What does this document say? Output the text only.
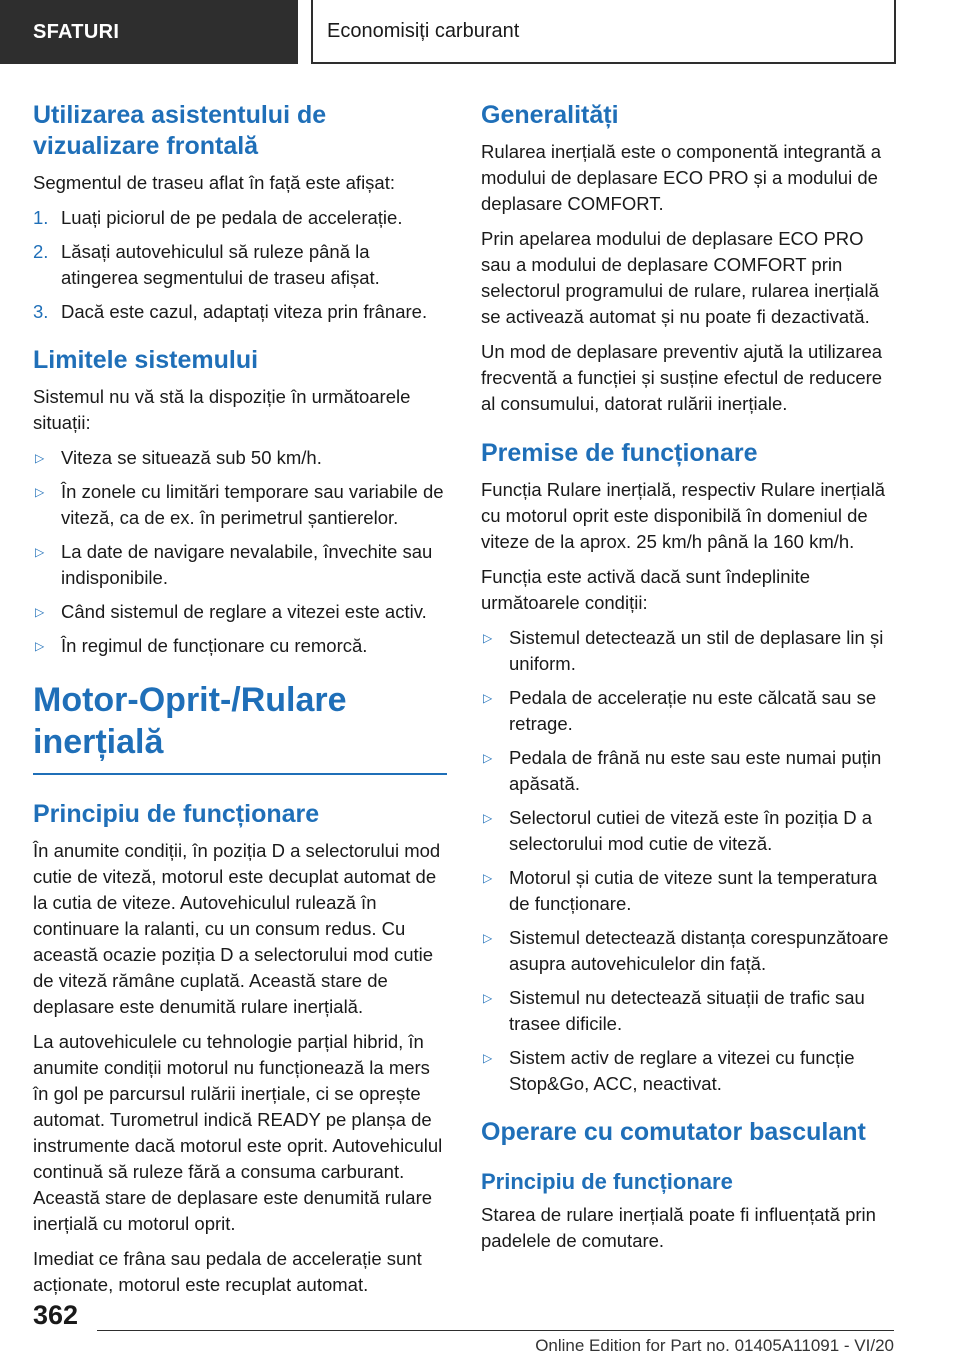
SFATURI	Economisiți carburant
Utilizarea asistentului de vizualizare frontală

Segmentul de traseu aflat în față este afișat:

1. Luați piciorul de pe pedala de accelerație.
2. Lăsați autovehiculul să ruleze până la atingerea segmentului de traseu afișat.
3. Dacă este cazul, adaptați viteza prin frânare.
Limitele sistemului

Sistemul nu vă stă la dispoziție în următoarele situații:

▷ Viteza se situează sub 50 km/h.
▷ În zonele cu limitări temporare sau variabile de viteză, ca de ex. în perimetrul șantierelor.
▷ La date de navigare nevalabile, învechite sau indisponibile.
▷ Când sistemul de reglare a vitezei este activ.
▷ În regimul de funcționare cu remorcă.
Motor-Oprit-/Rulare inerțială
Principiu de funcționare

În anumite condiții, în poziția D a selectorului mod cutie de viteză, motorul este decuplat automat de la cutia de viteze. Autovehiculul rulează în continuare la ralanti, cu un consum redus. Cu această ocazie poziția D a selectorului mod cutie de viteză rămâne cuplată. Această stare de deplasare este denumită rulare inerțială.

La autovehiculele cu tehnologie parțial hibrid, în anumite condiții motorul nu funcționează la mers în gol pe parcursul rulării inerțiale, ci se oprește automat. Turometrul indică READY pe planșa de instrumente dacă motorul este oprit. Autovehiculul continuă să ruleze fără a consuma carburant. Această stare de deplasare este denumită rulare inerțială cu motorul oprit.

Imediat ce frâna sau pedala de accelerație sunt acționate, motorul este recuplat automat.

Generalități

Rularea inerțială este o componentă integrantă a modului de deplasare ECO PRO și a modului de deplasare COMFORT.

Prin apelarea modului de deplasare ECO PRO sau a modului de deplasare COMFORT prin selectorul programului de rulare, rularea inerțială se activează automat și nu poate fi dezactivată.

Un mod de deplasare preventiv ajută la utilizarea frecventă a funcției și susține efectul de reducere al consumului, datorat rulării inerțiale.

Premise de funcționare

Funcția Rulare inerțială, respectiv Rulare inerțială cu motorul oprit este disponibilă în domeniul de viteze de la aprox. 25 km/h până la 160 km/h.

Funcția este activă dacă sunt îndeplinite următoarele condiții:

▷ Sistemul detectează un stil de deplasare lin și uniform.
▷ Pedala de accelerație nu este călcată sau se retrage.
▷ Pedala de frână nu este sau este numai puțin apăsată.
▷ Selectorul cutiei de viteză este în poziția D a selectorului mod cutie de viteză.
▷ Motorul și cutia de viteze sunt la temperatura de funcționare.
▷ Sistemul detectează distanța corespunzătoare asupra autovehiculelor din față.
▷ Sistemul nu detectează situații de trafic sau trasee dificile.
▷ Sistem activ de reglare a vitezei cu funcție Stop&Go, ACC, neactivat.
Operare cu comutator basculant
Principiu de funcționare

Starea de rulare inerțială poate fi influențată prin padelele de comutare.

362
Online Edition for Part no. 01405A11091 - VI/20
